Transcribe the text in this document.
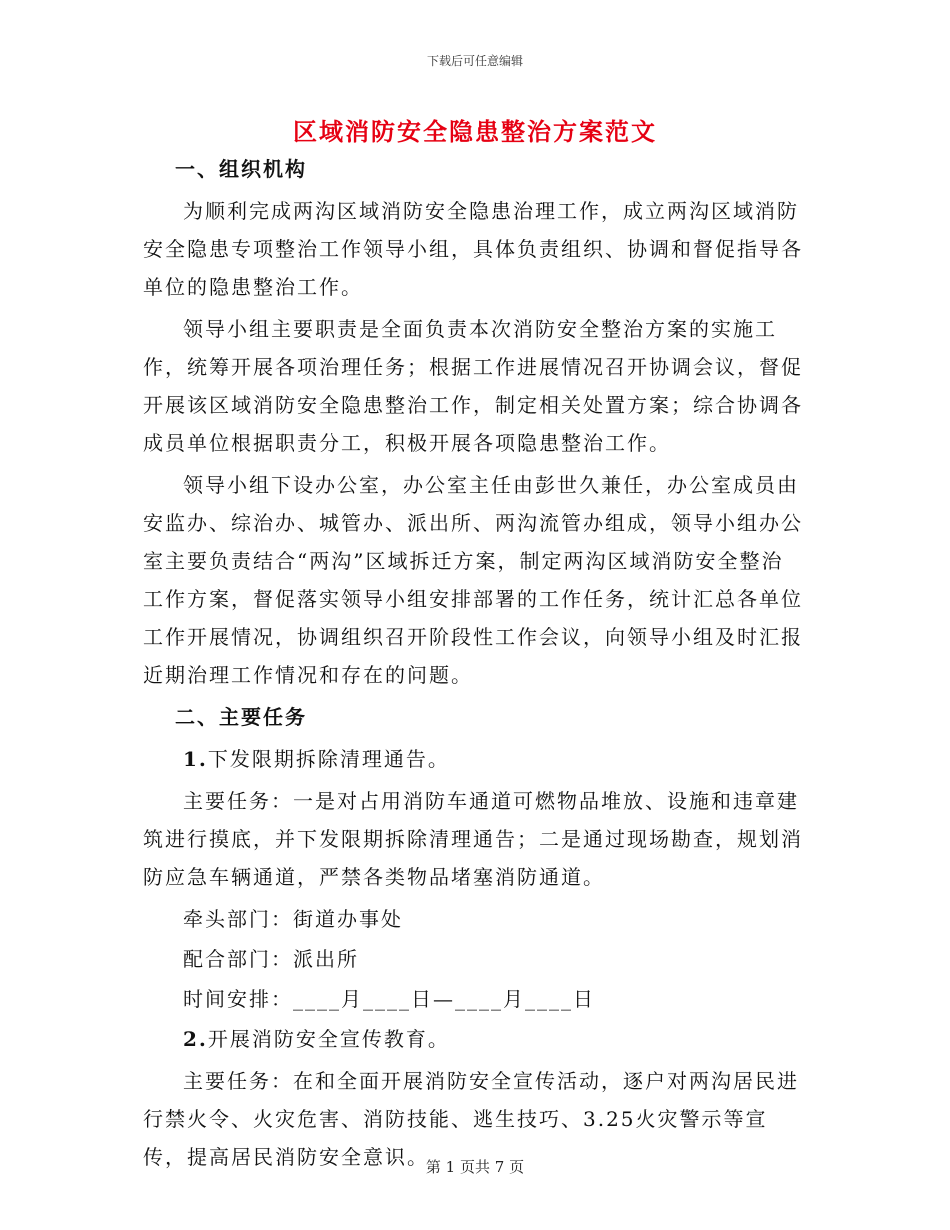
下载后可任意编辑
区域消防安全隐患整治方案范文

一、组织机构

为顺利完成两沟区域消防安全隐患治理工作，成立两沟区域消防安全隐患专项整治工作领导小组，具体负责组织、协调和督促指导各单位的隐患整治工作。

领导小组主要职责是全面负责本次消防安全整治方案的实施工作，统筹开展各项治理任务；根据工作进展情况召开协调会议，督促开展该区域消防安全隐患整治工作，制定相关处置方案；综合协调各成员单位根据职责分工，积极开展各项隐患整治工作。

领导小组下设办公室，办公室主任由彭世久兼任，办公室成员由安监办、综治办、城管办、派出所、两沟流管办组成，领导小组办公室主要负责结合“两沟”区域拆迁方案，制定两沟区域消防安全整治工作方案，督促落实领导小组安排部署的工作任务，统计汇总各单位工作开展情况，协调组织召开阶段性工作会议，向领导小组及时汇报近期治理工作情况和存在的问题。

二、主要任务

1.下发限期拆除清理通告。

主要任务：一是对占用消防车通道可燃物品堆放、设施和违章建筑进行摸底，并下发限期拆除清理通告；二是通过现场勘查，规划消防应急车辆通道，严禁各类物品堵塞消防通道。

牵头部门：街道办事处

配合部门：派出所

时间安排：____月____日—____月____日

2.开展消防安全宣传教育。

主要任务：在和全面开展消防安全宣传活动，逐户对两沟居民进行禁火令、火灾危害、消防技能、逃生技巧、3.25火灾警示等宣传，提高居民消防安全意识。

第 1 页共 7 页
